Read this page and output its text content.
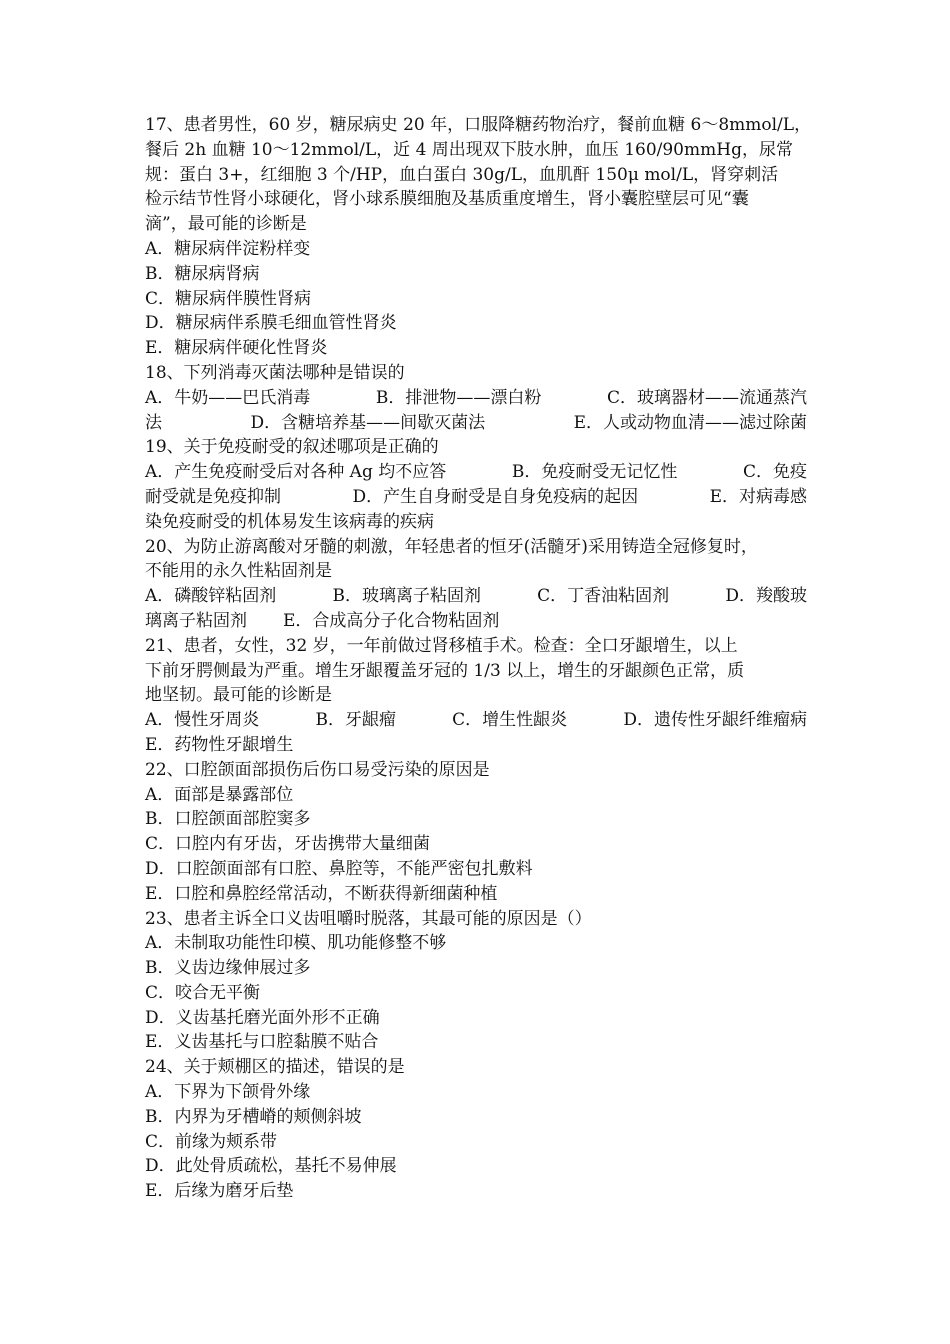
17、患者男性，60 岁，糖尿病史 20 年，口服降糖药物治疗，餐前血糖 6～8mmol/L，
餐后 2h 血糖 10～12mmol/L，近 4 周出现双下肢水肿，血压 160/90mmHg，尿常
规：蛋白 3+，红细胞 3 个/HP，血白蛋白 30g/L，血肌酐 150μ mol/L，肾穿刺活
检示结节性肾小球硬化，肾小球系膜细胞及基质重度增生，肾小囊腔壁层可见“囊
滴”，最可能的诊断是
A．糖尿病伴淀粉样变
B．糖尿病肾病
C．糖尿病伴膜性肾病
D．糖尿病伴系膜毛细血管性肾炎
E．糖尿病伴硬化性肾炎
18、下列消毒灭菌法哪种是错误的
A．牛奶——巴氏消毒	B．排泄物——漂白粉	C．玻璃器材——流通蒸汽
法	D．含糖培养基——间歇灭菌法	E．人或动物血清——滤过除菌
19、关于免疫耐受的叙述哪项是正确的
A．产生免疫耐受后对各种 Ag 均不应答	B．免疫耐受无记忆性	C．免疫
耐受就是免疫抑制	D．产生自身耐受是自身免疫病的起因	E．对病毒感
染免疫耐受的机体易发生该病毒的疾病
20、为防止游离酸对牙髓的刺激，年轻患者的恒牙(活髓牙)采用铸造全冠修复时，
不能用的永久性粘固剂是
A．磷酸锌粘固剂	B．玻璃离子粘固剂	C．丁香油粘固剂	D．羧酸玻
璃离子粘固剂 E．合成高分子化合物粘固剂
21、患者，女性，32 岁，一年前做过肾移植手术。检查：全口牙龈增生，以上
下前牙腭侧最为严重。增生牙龈覆盖牙冠的 1/3 以上，增生的牙龈颜色正常，质
地坚韧。最可能的诊断是
A．慢性牙周炎	B．牙龈瘤	C．增生性龈炎	D．遗传性牙龈纤维瘤病
E．药物性牙龈增生
22、口腔颌面部损伤后伤口易受污染的原因是
A．面部是暴露部位
B．口腔颌面部腔窦多
C．口腔内有牙齿，牙齿携带大量细菌
D．口腔颌面部有口腔、鼻腔等，不能严密包扎敷料
E．口腔和鼻腔经常活动，不断获得新细菌种植
23、患者主诉全口义齿咀嚼时脱落，其最可能的原因是（）
A．未制取功能性印模、肌功能修整不够
B．义齿边缘伸展过多
C．咬合无平衡
D．义齿基托磨光面外形不正确
E．义齿基托与口腔黏膜不贴合
24、关于颊棚区的描述，错误的是
A．下界为下颌骨外缘
B．内界为牙槽嵴的颊侧斜坡
C．前缘为颊系带
D．此处骨质疏松，基托不易伸展
E．后缘为磨牙后垫
